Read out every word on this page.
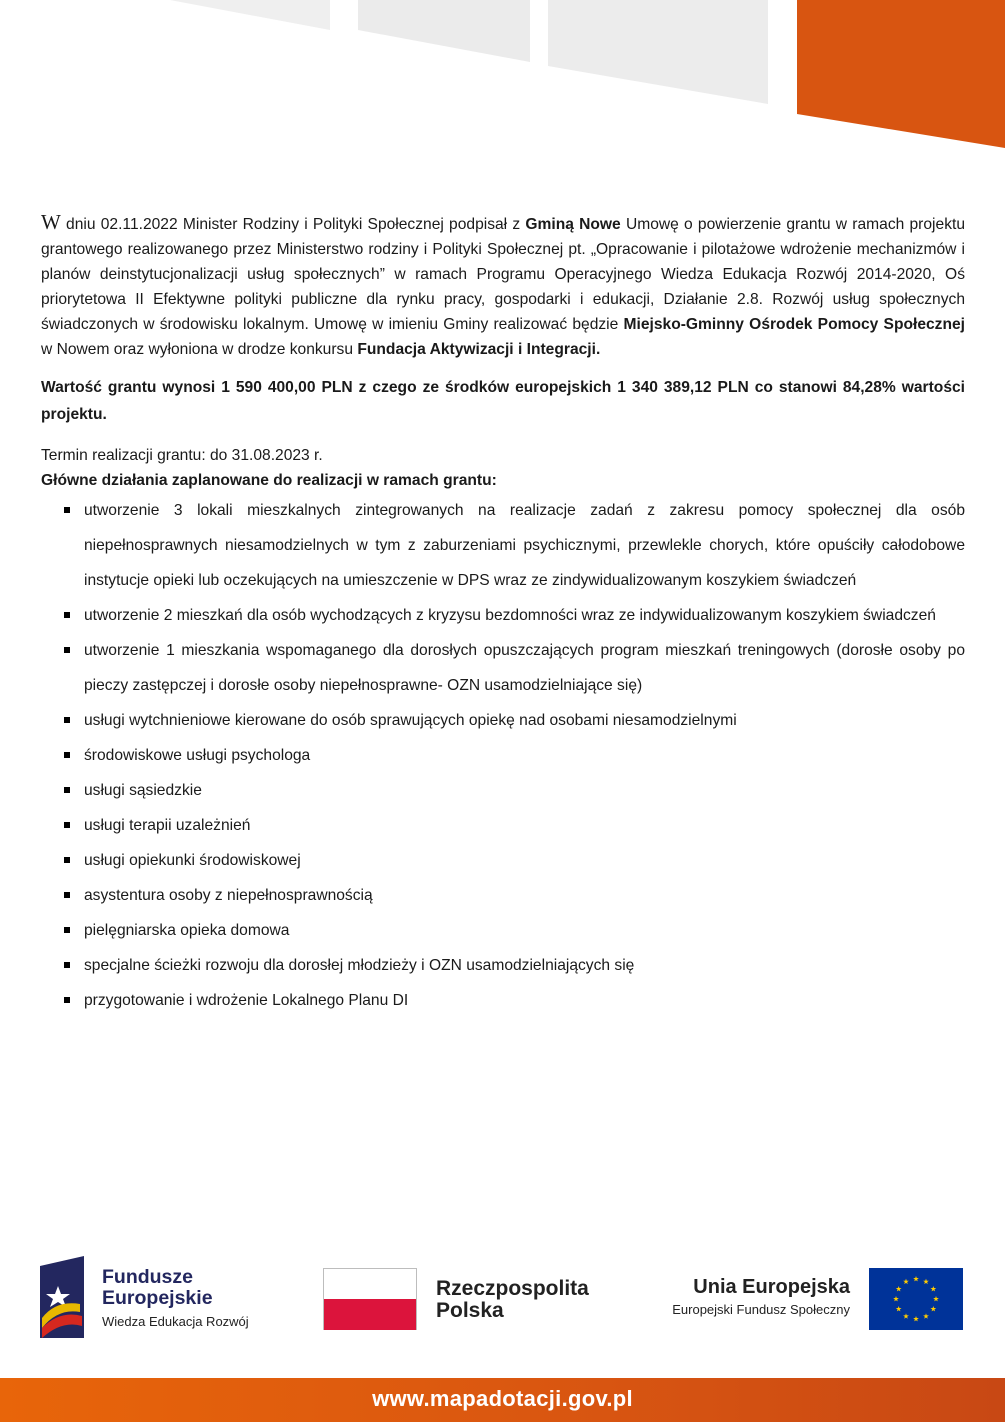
W dniu 02.11.2022 Minister Rodziny i Polityki Społecznej podpisał z Gminą Nowe Umowę o powierzenie grantu w ramach projektu grantowego realizowanego przez Ministerstwo rodziny i Polityki Społecznej pt. „Opracowanie i pilotażowe wdrożenie mechanizmów i planów deinstytucjonalizacji usług społecznych” w ramach Programu Operacyjnego Wiedza Edukacja Rozwój 2014-2020, Oś priorytetowa II Efektywne polityki publiczne dla rynku pracy, gospodarki i edukacji, Działanie 2.8. Rozwój usług społecznych świadczonych w środowisku lokalnym. Umowę w imieniu Gminy realizować będzie Miejsko-Gminny Ośrodek Pomocy Społecznej w Nowem oraz wyłoniona w drodze konkursu Fundacja Aktywizacji i Integracji.

Wartość grantu wynosi 1 590 400,00 PLN z czego ze środków europejskich 1 340 389,12 PLN co stanowi 84,28% wartości projektu.

Termin realizacji grantu: do 31.08.2023 r.

Główne działania zaplanowane do realizacji w ramach grantu:

utworzenie 3 lokali mieszkalnych zintegrowanych na realizacje zadań z zakresu pomocy społecznej dla osób niepełnosprawnych niesamodzielnych w tym z zaburzeniami psychicznymi, przewlekle chorych, które opuściły całodobowe instytucje opieki lub oczekujących na umieszczenie w DPS wraz ze zindywidualizowanym koszykiem świadczeń
utworzenie 2 mieszkań dla osób wychodzących z kryzysu bezdomności wraz ze indywidualizowanym koszykiem świadczeń
utworzenie 1 mieszkania wspomaganego dla dorosłych opuszczających program mieszkań treningowych (dorosłe osoby po pieczy zastępczej i dorosłe osoby niepełnosprawne- OZN usamodzielniające się)
usługi wytchnieniowe kierowane do osób sprawujących opiekę nad osobami niesamodzielnymi
środowiskowe usługi psychologa
usługi sąsiedzkie
usługi terapii uzależnień
usługi opiekunki środowiskowej
asystentura osoby z niepełnosprawnością
pielęgniarska opieka domowa
specjalne ścieżki rozwoju dla dorosłej młodzieży i OZN usamodzielniających się
przygotowanie i wdrożenie Lokalnego Planu DI
Fundusze
Europejskie
Wiedza Edukacja Rozwój
Rzeczpospolita
Polska
Unia Europejska
Europejski Fundusz Społeczny
www.mapadotacji.gov.pl
